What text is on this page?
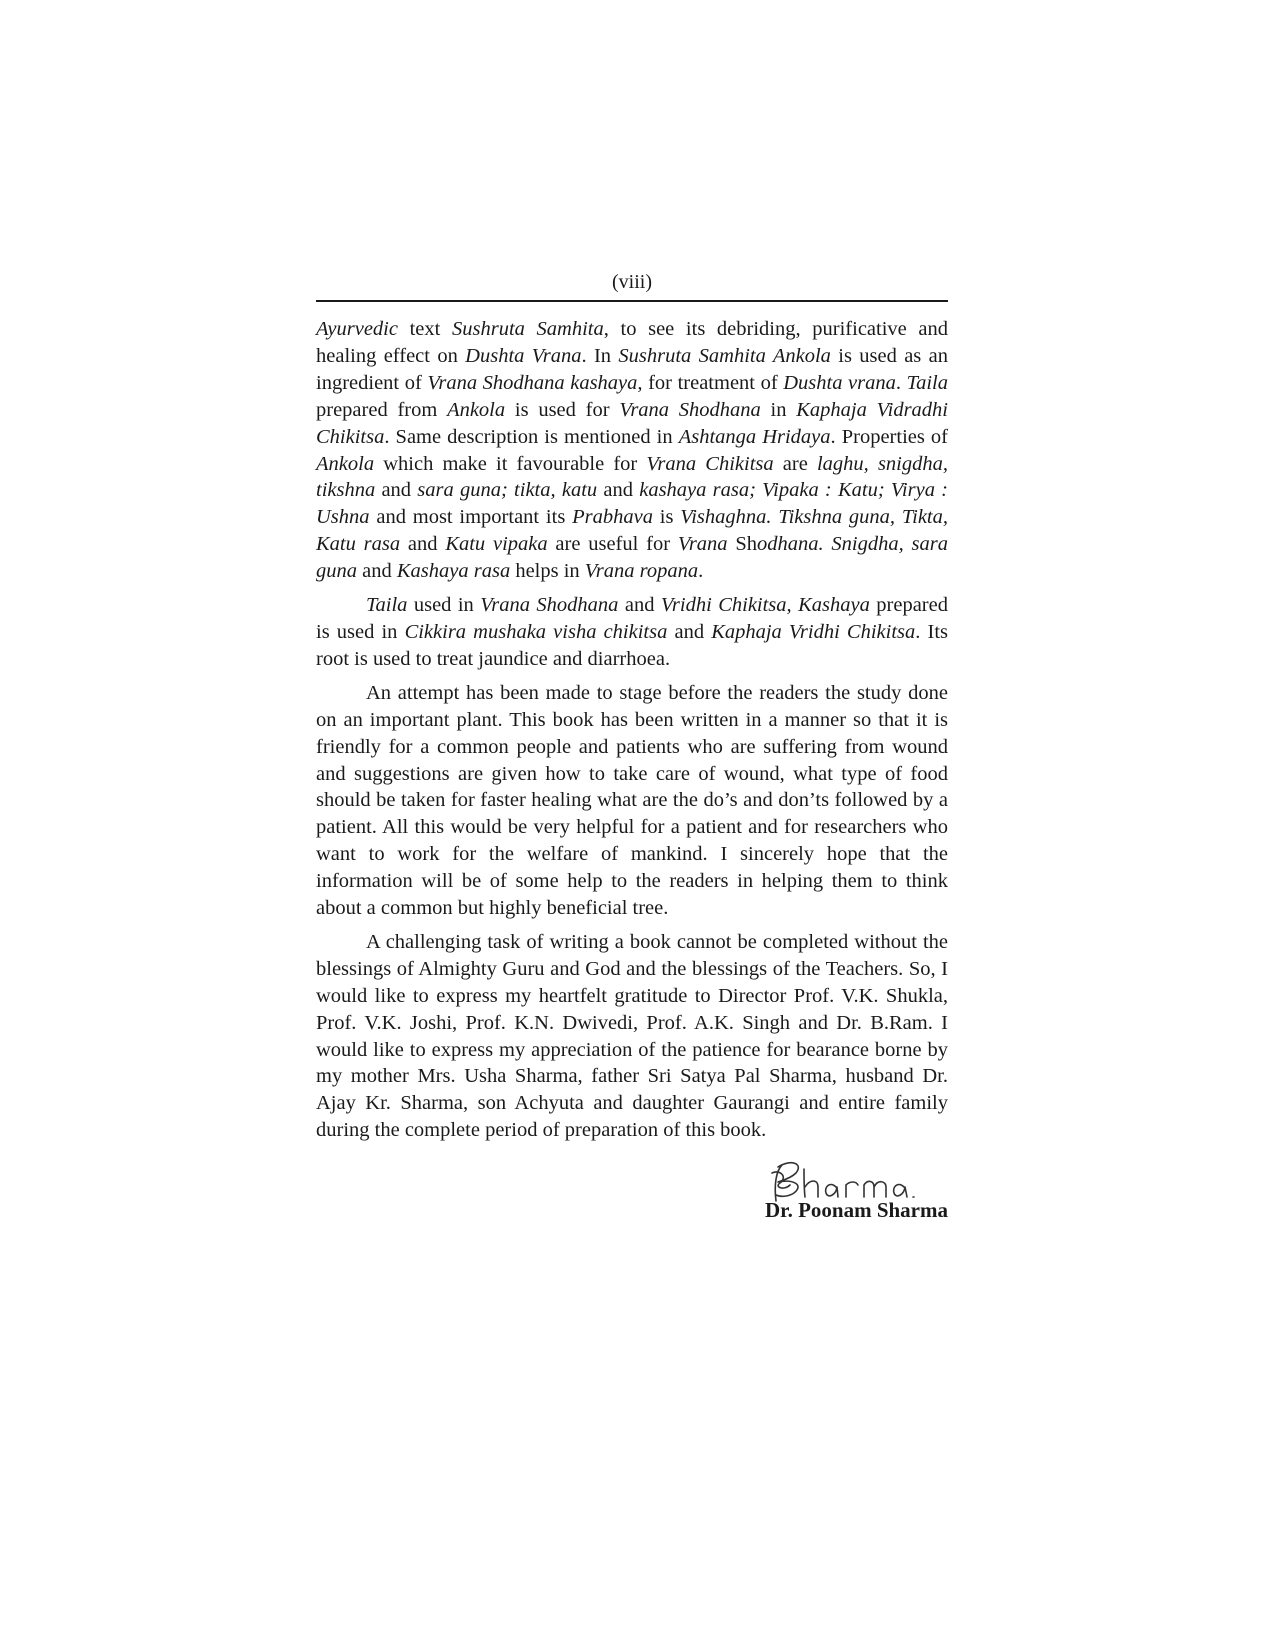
(viii)

Ayurvedic text Sushruta Samhita, to see its debriding, purificative and healing effect on Dushta Vrana. In Sushruta Samhita Ankola is used as an ingredient of Vrana Shodhana kashaya, for treatment of Dushta vrana. Taila prepared from Ankola is used for Vrana Shodhana in Kaphaja Vidradhi Chikitsa. Same description is mentioned in Ashtanga Hridaya. Properties of Ankola which make it favourable for Vrana Chikitsa are laghu, snigdha, tikshna and sara guna; tikta, katu and kashaya rasa; Vipaka : Katu; Virya : Ushna and most important its Prabhava is Vishaghna. Tikshna guna, Tikta, Katu rasa and Katu vipaka are useful for Vrana Shodhana. Snigdha, sara guna and Kashaya rasa helps in Vrana ropana.

Taila used in Vrana Shodhana and Vridhi Chikitsa, Kashaya prepared is used in Cikkira mushaka visha chikitsa and Kaphaja Vridhi Chikitsa. Its root is used to treat jaundice and diarrhoea.

An attempt has been made to stage before the readers the study done on an important plant. This book has been written in a manner so that it is friendly for a common people and patients who are suffering from wound and suggestions are given how to take care of wound, what type of food should be taken for faster healing what are the do’s and don’ts followed by a patient. All this would be very helpful for a patient and for researchers who want to work for the welfare of mankind. I sincerely hope that the information will be of some help to the readers in helping them to think about a common but highly beneficial tree.

A challenging task of writing a book cannot be completed without the blessings of Almighty Guru and God and the blessings of the Teachers. So, I would like to express my heartfelt gratitude to Director Prof. V.K. Shukla, Prof. V.K. Joshi, Prof. K.N. Dwivedi, Prof. A.K. Singh and Dr. B.Ram. I would like to express my appreciation of the patience for bearance borne by my mother Mrs. Usha Sharma, father Sri Satya Pal Sharma, husband Dr. Ajay Kr. Sharma, son Achyuta and daughter Gaurangi and entire family during the complete period of preparation of this book.

Dr. Poonam Sharma
